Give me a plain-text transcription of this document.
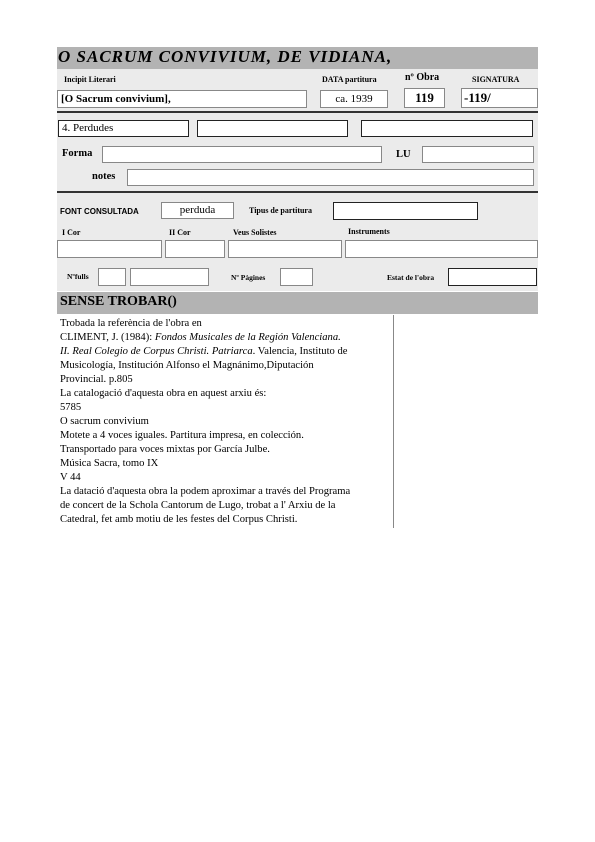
O SACRUM CONVIVIUM, DE VIDIANA,
Incipit Literari	DATA partitura	nº Obra	SIGNATURA
[O Sacrum convivium],	ca. 1939	119	-119/
4. Perdudes
Forma	LU
notes
FONT CONSULTADA	perduda	Tipus de partitura
I Cor	II Cor	Veus Solistes	Instruments
Nºfulls	Nº Pàgines	Estat de l'obra
SENSE TROBAR()
Trobada la referència de l'obra en
CLIMENT, J. (1984): Fondos Musicales de la Región Valenciana.
II. Real Colegio de Corpus Christi. Patriarca. Valencia, Instituto de
Musicología, Institución Alfonso el Magnánimo,Diputación
Provincial. p.805
La catalogació d'aquesta obra en aquest arxiu és:
5785
O sacrum convivium
Motete a 4 voces iguales. Partitura impresa, en colección.
Transportado para voces mixtas por García Julbe.
Música Sacra, tomo IX
V 44
La datació d'aquesta obra la podem aproximar a través del Programa
de concert de la Schola Cantorum de Lugo, trobat a l' Arxiu de la
Catedral, fet amb motiu de les festes del Corpus Christi.
